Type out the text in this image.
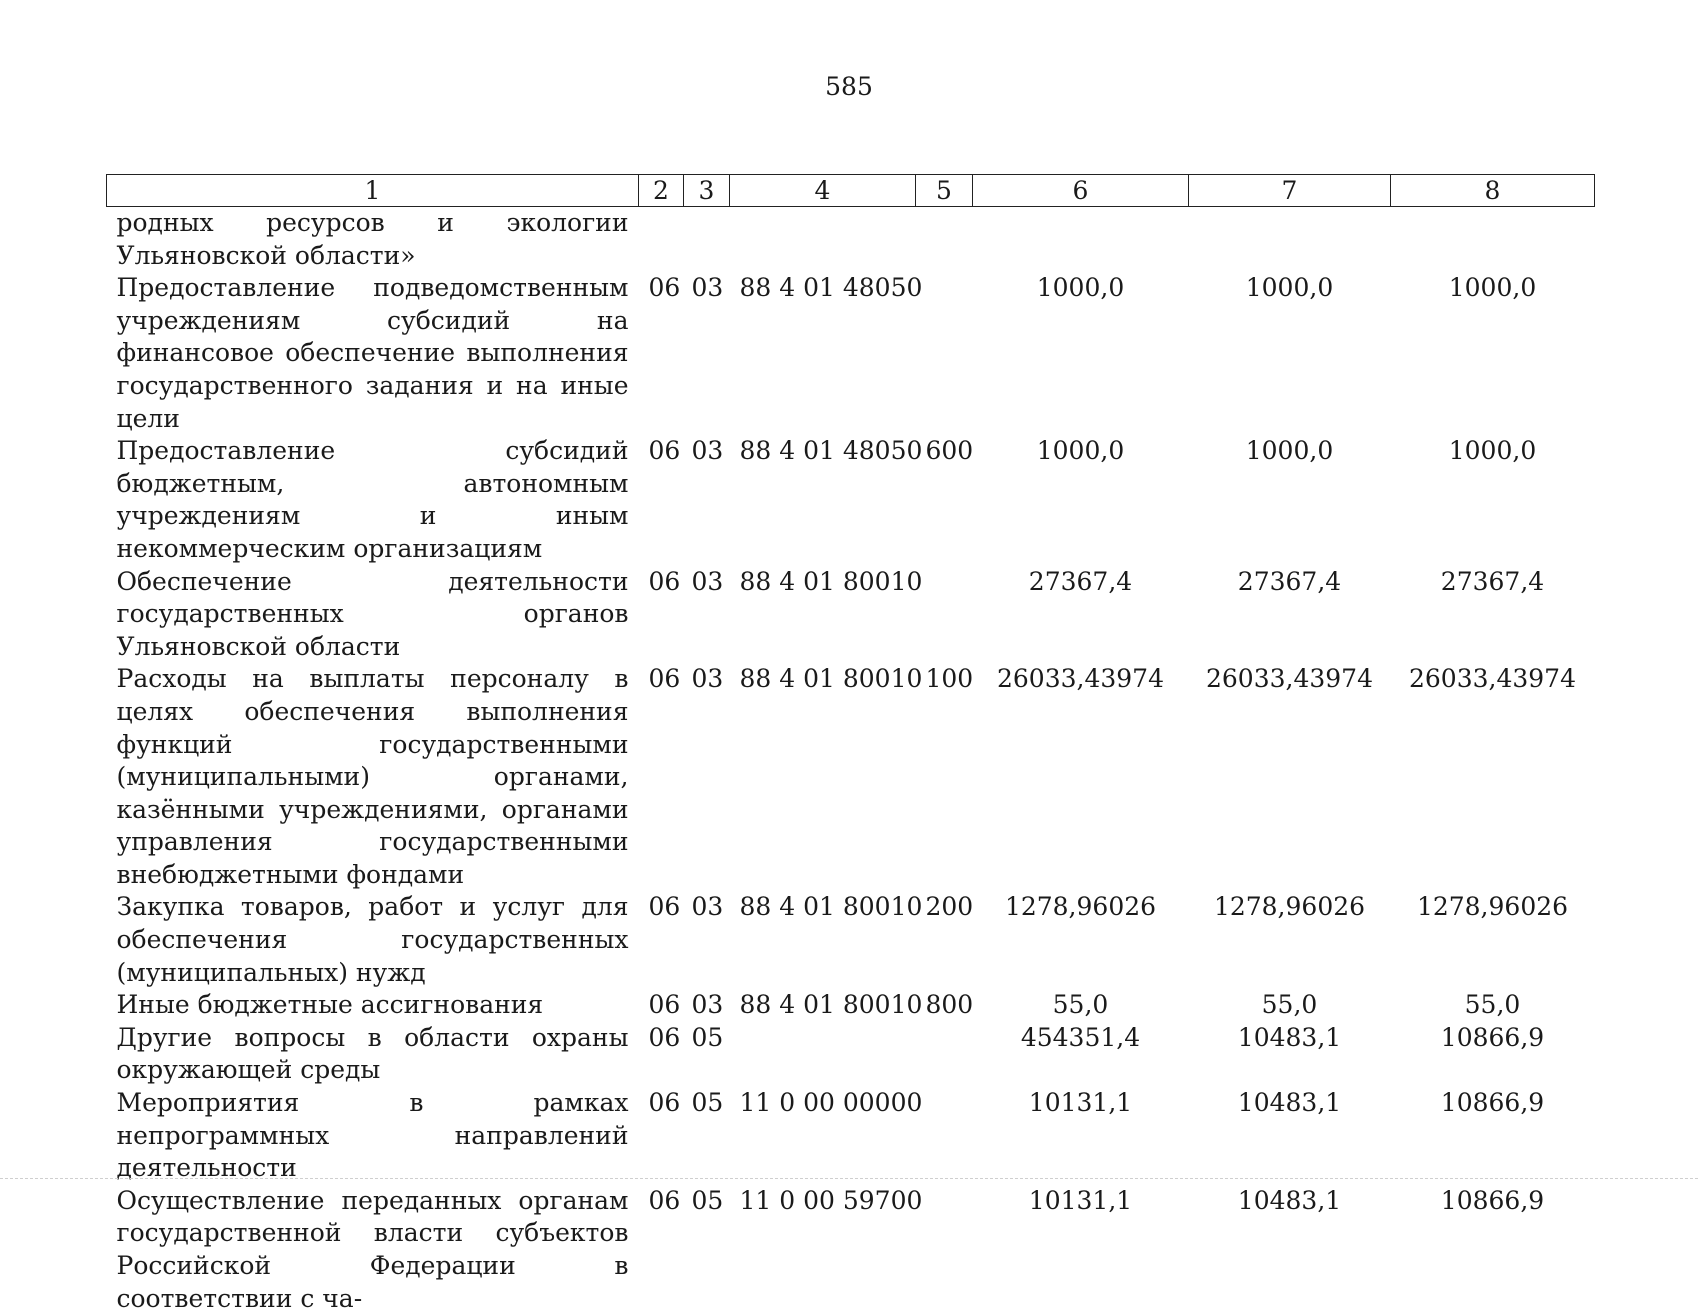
585
1	2	3	4	5	6	7	8
родных ресурсов и экологии Ульяновской области»							
Предоставление подведомственным учреждениям субсидий на финансовое обеспечение выполнения государственного задания и на иные цели	06	03	88 4 01 48050		1000,0	1000,0	1000,0
Предоставление субсидий бюджетным, автономным учреждениям и иным некоммерческим организациям	06	03	88 4 01 48050	600	1000,0	1000,0	1000,0
Обеспечение деятельности государственных органов Ульяновской области	06	03	88 4 01 80010		27367,4	27367,4	27367,4
Расходы на выплаты персоналу в целях обеспечения выполнения функций государственными (муниципальными) органами, казёнными учреждениями, органами управления государственными внебюджетными фондами	06	03	88 4 01 80010	100	26033,43974	26033,43974	26033,43974
Закупка товаров, работ и услуг для обеспечения государственных (муниципальных) нужд	06	03	88 4 01 80010	200	1278,96026	1278,96026	1278,96026
Иные бюджетные ассигнования	06	03	88 4 01 80010	800	55,0	55,0	55,0
Другие вопросы в области охраны окружающей среды	06	05			454351,4	10483,1	10866,9
Мероприятия в рамках непрограммных направлений деятельности	06	05	11 0 00 00000		10131,1	10483,1	10866,9
Осуществление переданных органам государственной власти субъектов Российской Федерации в соответствии с ча-	06	05	11 0 00 59700		10131,1	10483,1	10866,9
